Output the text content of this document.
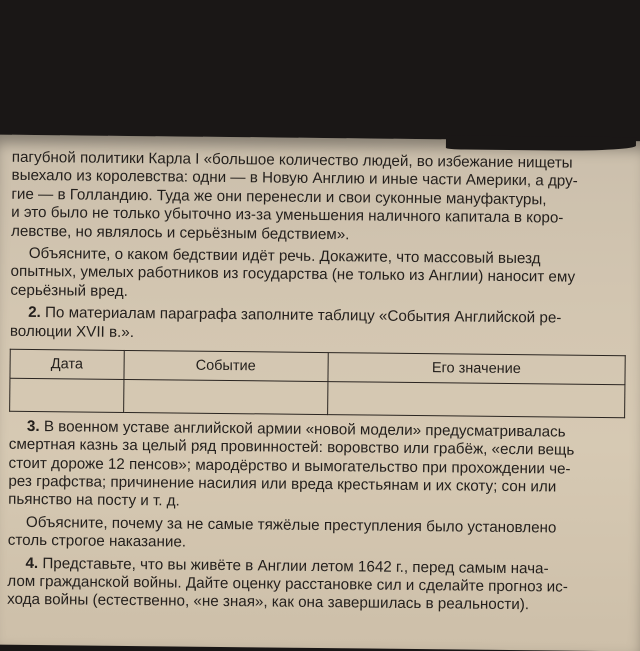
пагубной политики Карла I «большое количество людей, во избежание нищеты
выехало из королевства: одни — в Новую Англию и иные части Америки, а дру-
гие — в Голландию. Туда же они перенесли и свои суконные мануфактуры,
и это было не только убыточно из-за уменьшения наличного капитала в коро-
левстве, но являлось и серьёзным бедствием».
Объясните, о каком бедствии идёт речь. Докажите, что массовый выезд
опытных, умелых работников из государства (не только из Англии) наносит ему
серьёзный вред.
2. По материалам параграфа заполните таблицу «События Английской ре-
волюции XVII в.».
Дата	Событие	Его значение

3. В военном уставе английской армии «новой модели» предусматривалась
смертная казнь за целый ряд провинностей: воровство или грабёж, «если вещь
стоит дороже 12 пенсов»; мародёрство и вымогательство при прохождении че-
рез графства; причинение насилия или вреда крестьянам и их скоту; сон или
пьянство на посту и т. д.
Объясните, почему за не самые тяжёлые преступления было установлено
столь строгое наказание.
4. Представьте, что вы живёте в Англии летом 1642 г., перед самым нача-
лом гражданской войны. Дайте оценку расстановке сил и сделайте прогноз ис-
хода войны (естественно, «не зная», как она завершилась в реальности).
